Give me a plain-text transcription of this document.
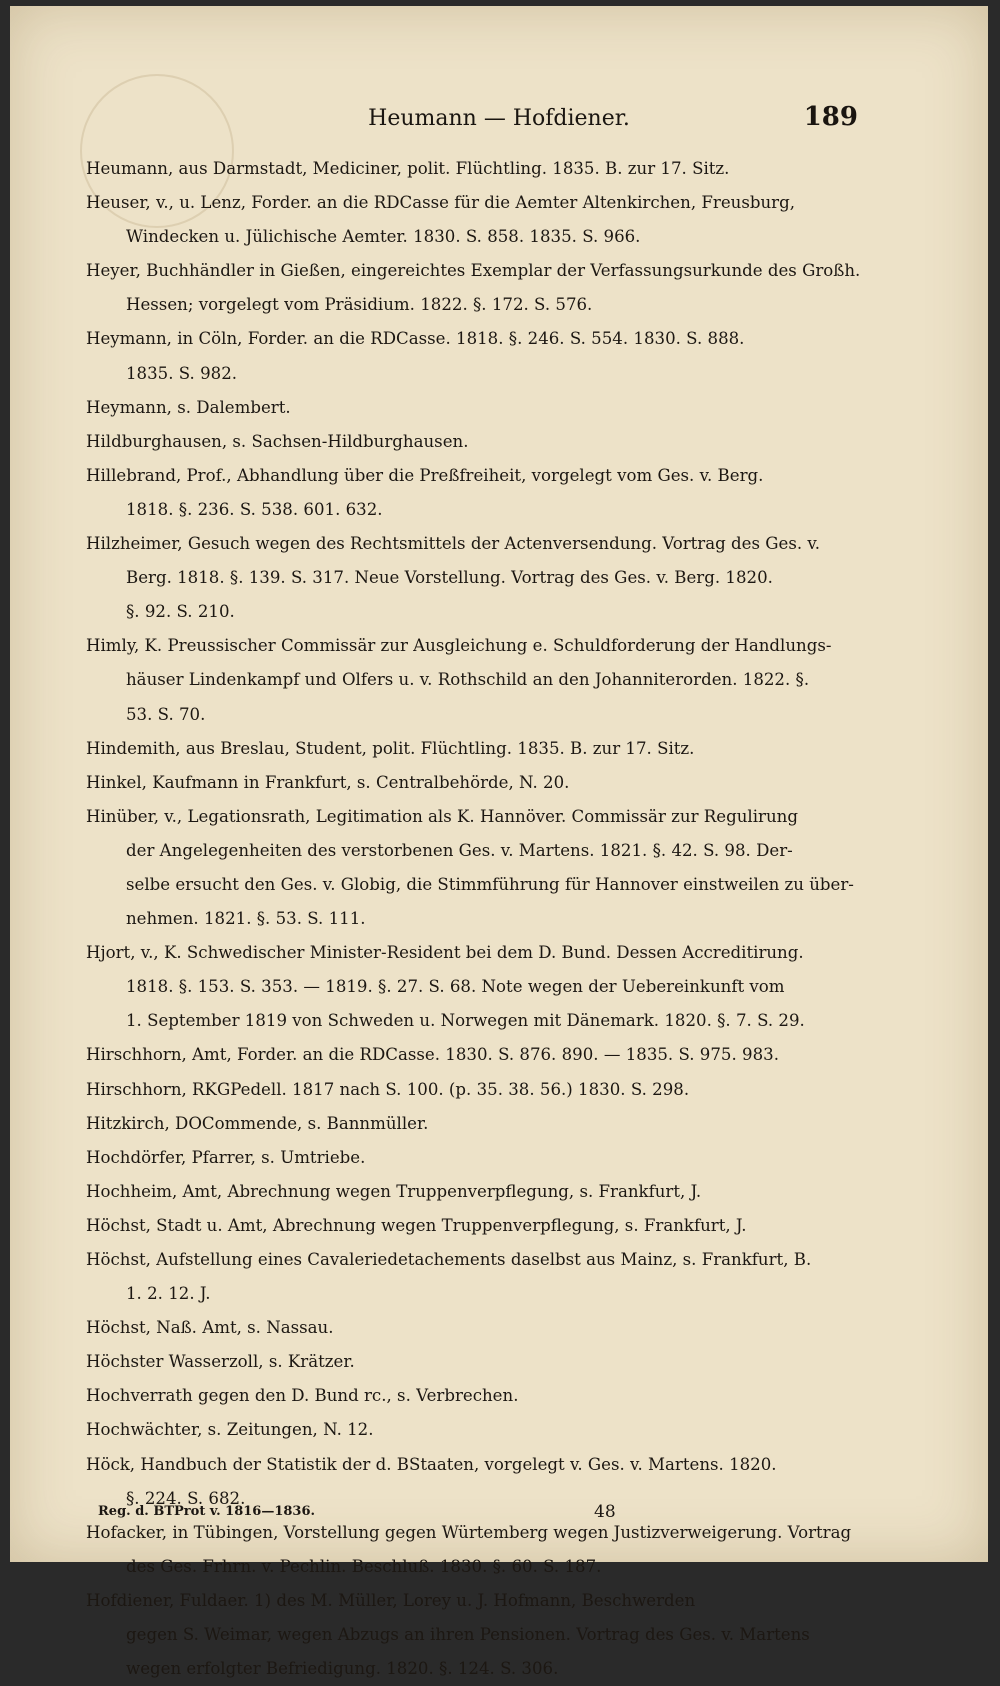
Heumann — Hofdiener.	189
Heumann, aus Darmstadt, Mediciner, polit. Flüchtling. 1835. B. zur 17. Sitz.
Heuser, v., u. Lenz, Forder. an die RDCasse für die Aemter Altenkirchen, Freusburg,
Windecken u. Jülichische Aemter. 1830. S. 858. 1835. S. 966.
Heyer, Buchhändler in Gießen, eingereichtes Exemplar der Verfassungsurkunde des Großh.
Hessen; vorgelegt vom Präsidium. 1822. §. 172. S. 576.
Heymann, in Cöln, Forder. an die RDCasse. 1818. §. 246. S. 554. 1830. S. 888.
1835. S. 982.
Heymann, s. Dalembert.
Hildburghausen, s. Sachsen-Hildburghausen.
Hillebrand, Prof., Abhandlung über die Preßfreiheit, vorgelegt vom Ges. v. Berg.
1818. §. 236. S. 538. 601. 632.
Hilzheimer, Gesuch wegen des Rechtsmittels der Actenversendung. Vortrag des Ges. v.
Berg. 1818. §. 139. S. 317. Neue Vorstellung. Vortrag des Ges. v. Berg. 1820.
§. 92. S. 210.
Himly, K. Preussischer Commissär zur Ausgleichung e. Schuldforderung der Handlungs-
häuser Lindenkampf und Olfers u. v. Rothschild an den Johanniterorden. 1822. §.
53. S. 70.
Hindemith, aus Breslau, Student, polit. Flüchtling. 1835. B. zur 17. Sitz.
Hinkel, Kaufmann in Frankfurt, s. Centralbehörde, N. 20.
Hinüber, v., Legationsrath, Legitimation als K. Hannöver. Commissär zur Regulirung
der Angelegenheiten des verstorbenen Ges. v. Martens. 1821. §. 42. S. 98. Der-
selbe ersucht den Ges. v. Globig, die Stimmführung für Hannover einstweilen zu über-
nehmen. 1821. §. 53. S. 111.
Hjort, v., K. Schwedischer Minister-Resident bei dem D. Bund. Dessen Accreditirung.
1818. §. 153. S. 353. — 1819. §. 27. S. 68. Note wegen der Uebereinkunft vom
1. September 1819 von Schweden u. Norwegen mit Dänemark. 1820. §. 7. S. 29.
Hirschhorn, Amt, Forder. an die RDCasse. 1830. S. 876. 890. — 1835. S. 975. 983.
Hirschhorn, RKGPedell. 1817 nach S. 100. (p. 35. 38. 56.) 1830. S. 298.
Hitzkirch, DOCommende, s. Bannmüller.
Hochdörfer, Pfarrer, s. Umtriebe.
Hochheim, Amt, Abrechnung wegen Truppenverpflegung, s. Frankfurt, J.
Höchst, Stadt u. Amt, Abrechnung wegen Truppenverpflegung, s. Frankfurt, J.
Höchst, Aufstellung eines Cavaleriedetachements daselbst aus Mainz, s. Frankfurt, B.
1. 2. 12. J.
Höchst, Naß. Amt, s. Nassau.
Höchster Wasserzoll, s. Krätzer.
Hochverrath gegen den D. Bund rc., s. Verbrechen.
Hochwächter, s. Zeitungen, N. 12.
Höck, Handbuch der Statistik der d. BStaaten, vorgelegt v. Ges. v. Martens. 1820.
§. 224. S. 682.
Hofacker, in Tübingen, Vorstellung gegen Würtemberg wegen Justizverweigerung. Vortrag
des Ges. Frhrn. v. Pechlin. Beschluß. 1830. §. 60. S. 187.
Hofdiener, Fuldaer. 1) des M. Müller, Lorey u. J. Hofmann, Beschwerden
gegen S. Weimar, wegen Abzugs an ihren Pensionen. Vortrag des Ges. v. Martens
wegen erfolgter Befriedigung. 1820. §. 124. S. 306.
Reg. d. BTProt v. 1816—1836.	48
